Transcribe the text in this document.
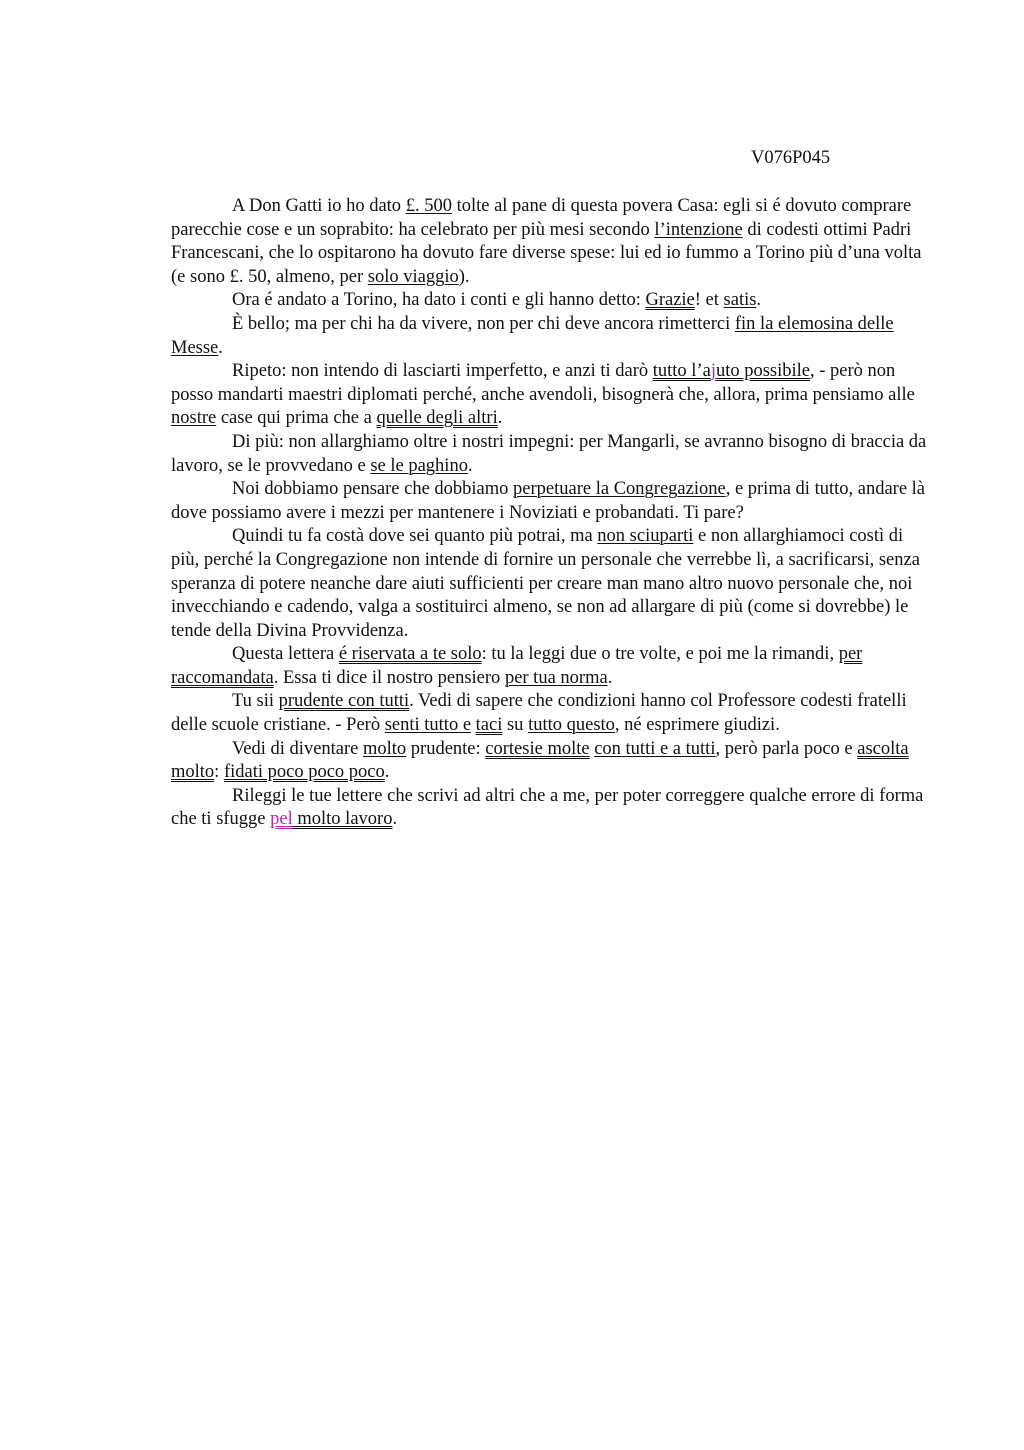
V076P045

A Don Gatti io ho dato £. 500 tolte al pane di questa povera Casa: egli si é dovuto comprare parecchie cose e un soprabito: ha celebrato per più mesi secondo l’intenzione di codesti ottimi Padri Francescani, che lo ospitarono ha dovuto fare diverse spese: lui ed io fummo a Torino più d’una volta (e sono £. 50, almeno, per solo viaggio).

Ora é andato a Torino, ha dato i conti e gli hanno detto: Grazie! et satis.

È bello; ma per chi ha da vivere, non per chi deve ancora rimetterci fin la elemosina delle Messe.

Ripeto: non intendo di lasciarti imperfetto, e anzi ti darò tutto l’ajuto possibile, - però non posso mandarti maestri diplomati perché, anche avendoli, bisognerà che, allora, prima pensiamo alle nostre case qui prima che a quelle degli altri.

Di più: non allarghiamo oltre i nostri impegni: per Mangarli, se avranno bisogno di braccia da lavoro, se le provvedano e se le paghino.

Noi dobbiamo pensare che dobbiamo perpetuare la Congregazione, e prima di tutto, andare là dove possiamo avere i mezzi per mantenere i Noviziati e probandati. Ti pare?

Quindi tu fa costà dove sei quanto più potrai, ma non sciuparti e non allarghiamoci costì di più, perché la Congregazione non intende di fornire un personale che verrebbe lì, a sacrificarsi, senza speranza di potere neanche dare aiuti sufficienti per creare man mano altro nuovo personale che, noi invecchiando e cadendo, valga a sostituirci almeno, se non ad allargare di più (come si dovrebbe) le tende della Divina Provvidenza.

Questa lettera é riservata a te solo: tu la leggi due o tre volte, e poi me la rimandi, per raccomandata. Essa ti dice il nostro pensiero per tua norma.

Tu sii prudente con tutti. Vedi di sapere che condizioni hanno col Professore codesti fratelli delle scuole cristiane. - Però senti tutto e taci su tutto questo, né esprimere giudizi.

Vedi di diventare molto prudente: cortesie molte con tutti e a tutti, però parla poco e ascolta molto: fidati poco poco poco.

Rileggi le tue lettere che scrivi ad altri che a me, per poter correggere qualche errore di forma che ti sfugge pel molto lavoro.
